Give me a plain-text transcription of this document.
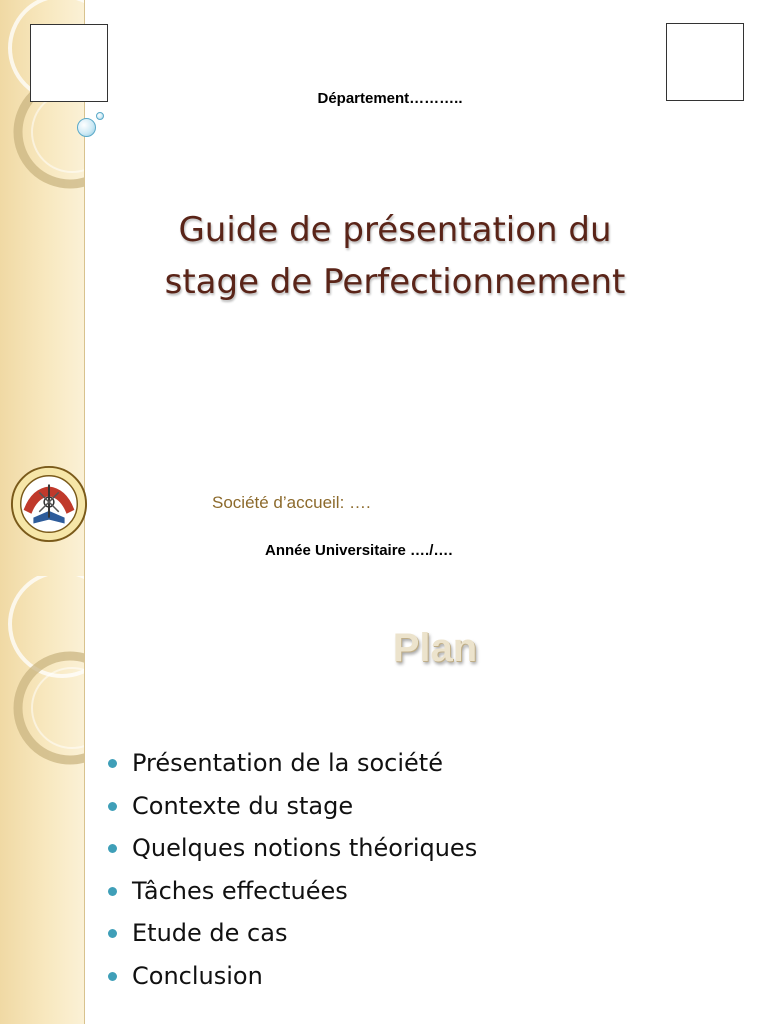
Département………..
Guide de présentation du
stage de Perfectionnement
Société d’accueil: ….
Année Universitaire …./….
Plan
Présentation de la société
Contexte du stage
Quelques notions théoriques
Tâches effectuées
Etude de cas
Conclusion
